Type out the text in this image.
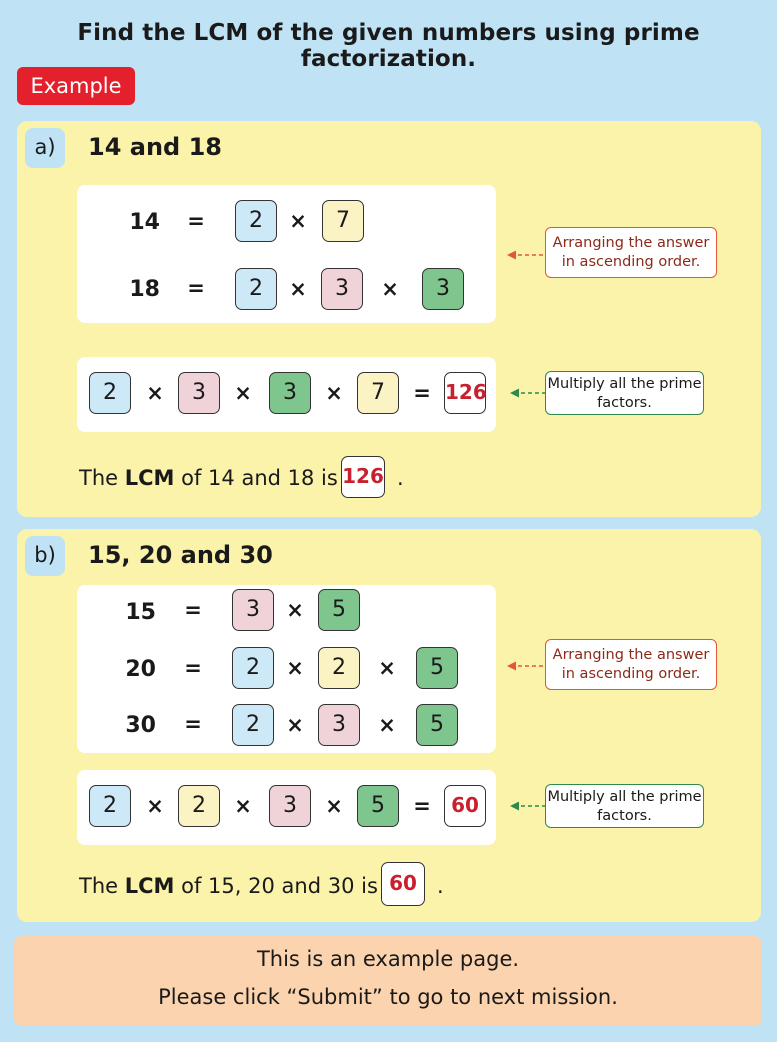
Find the LCM of the given numbers using prime factorization.
Example
a)	14 and 18
14 =	2	×	7
18 =	2	×	3	×	3
Arranging the answer in ascending order.
2	×	3	×	3	×	7	= 126	Multiply all the prime factors.
The LCM of 14 and 18 is 126 .
b)	15, 20 and 30
15 =	3	×	5
20 =	2	×	2	×	5
30 =	2	×	3	×	5
Arranging the answer in ascending order.
2	×	2	×	3	×	5	=	60	Multiply all the prime factors.
The LCM of 15, 20 and 30 is 60 .
This is an example page.
Please click “Submit” to go to next mission.
